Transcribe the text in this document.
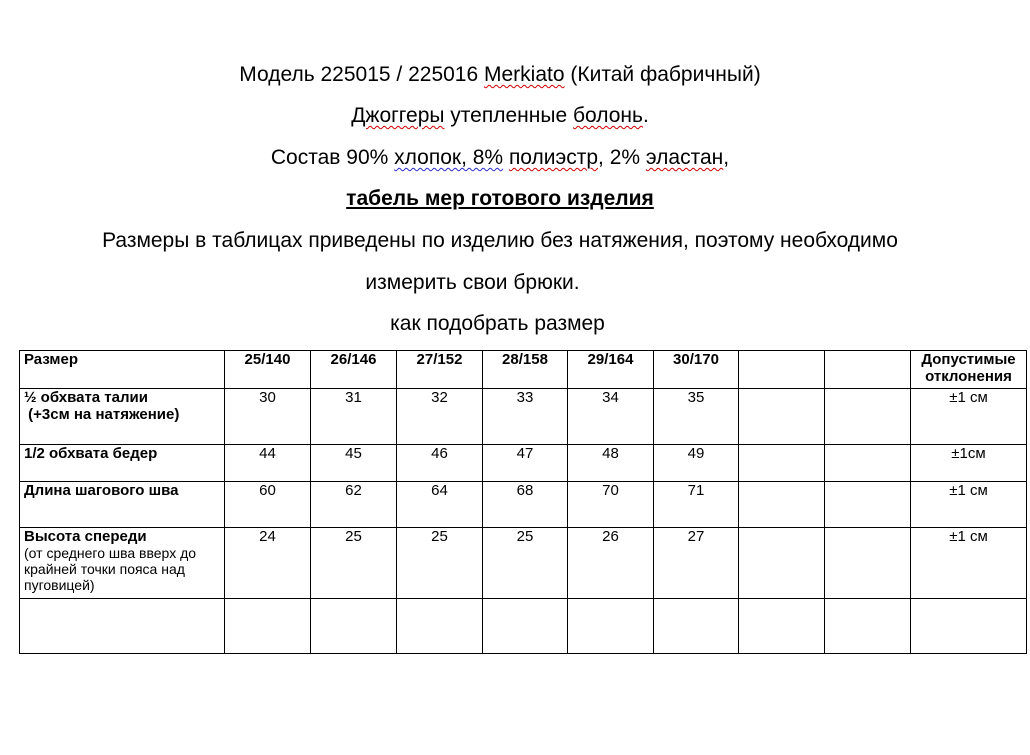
Модель 225015 / 225016 Merkiato (Китай фабричный)
Джоггеры утепленные болонь.
Состав 90% хлопок, 8% полиэстр, 2% эластан,
табель мер готового изделия
Размеры в таблицах приведены по изделию без натяжения, поэтому необходимо
измерить свои брюки.
как подобрать размер
Размер	25/140	26/146	27/152	28/158	29/164	30/170			Допустимые отклонения

½ обхвата талии
(+3см на натяжение)	30	31	32	33	34	35			±1 см
1/2 обхвата бедер	44	45	46	47	48	49			±1см
Длина шагового шва	60	62	64	68	70	71			±1 см

Высота спереди
(от среднего шва вверх до крайней точки пояса над пуговицей)	24	25	25	25	26	27			±1 см
